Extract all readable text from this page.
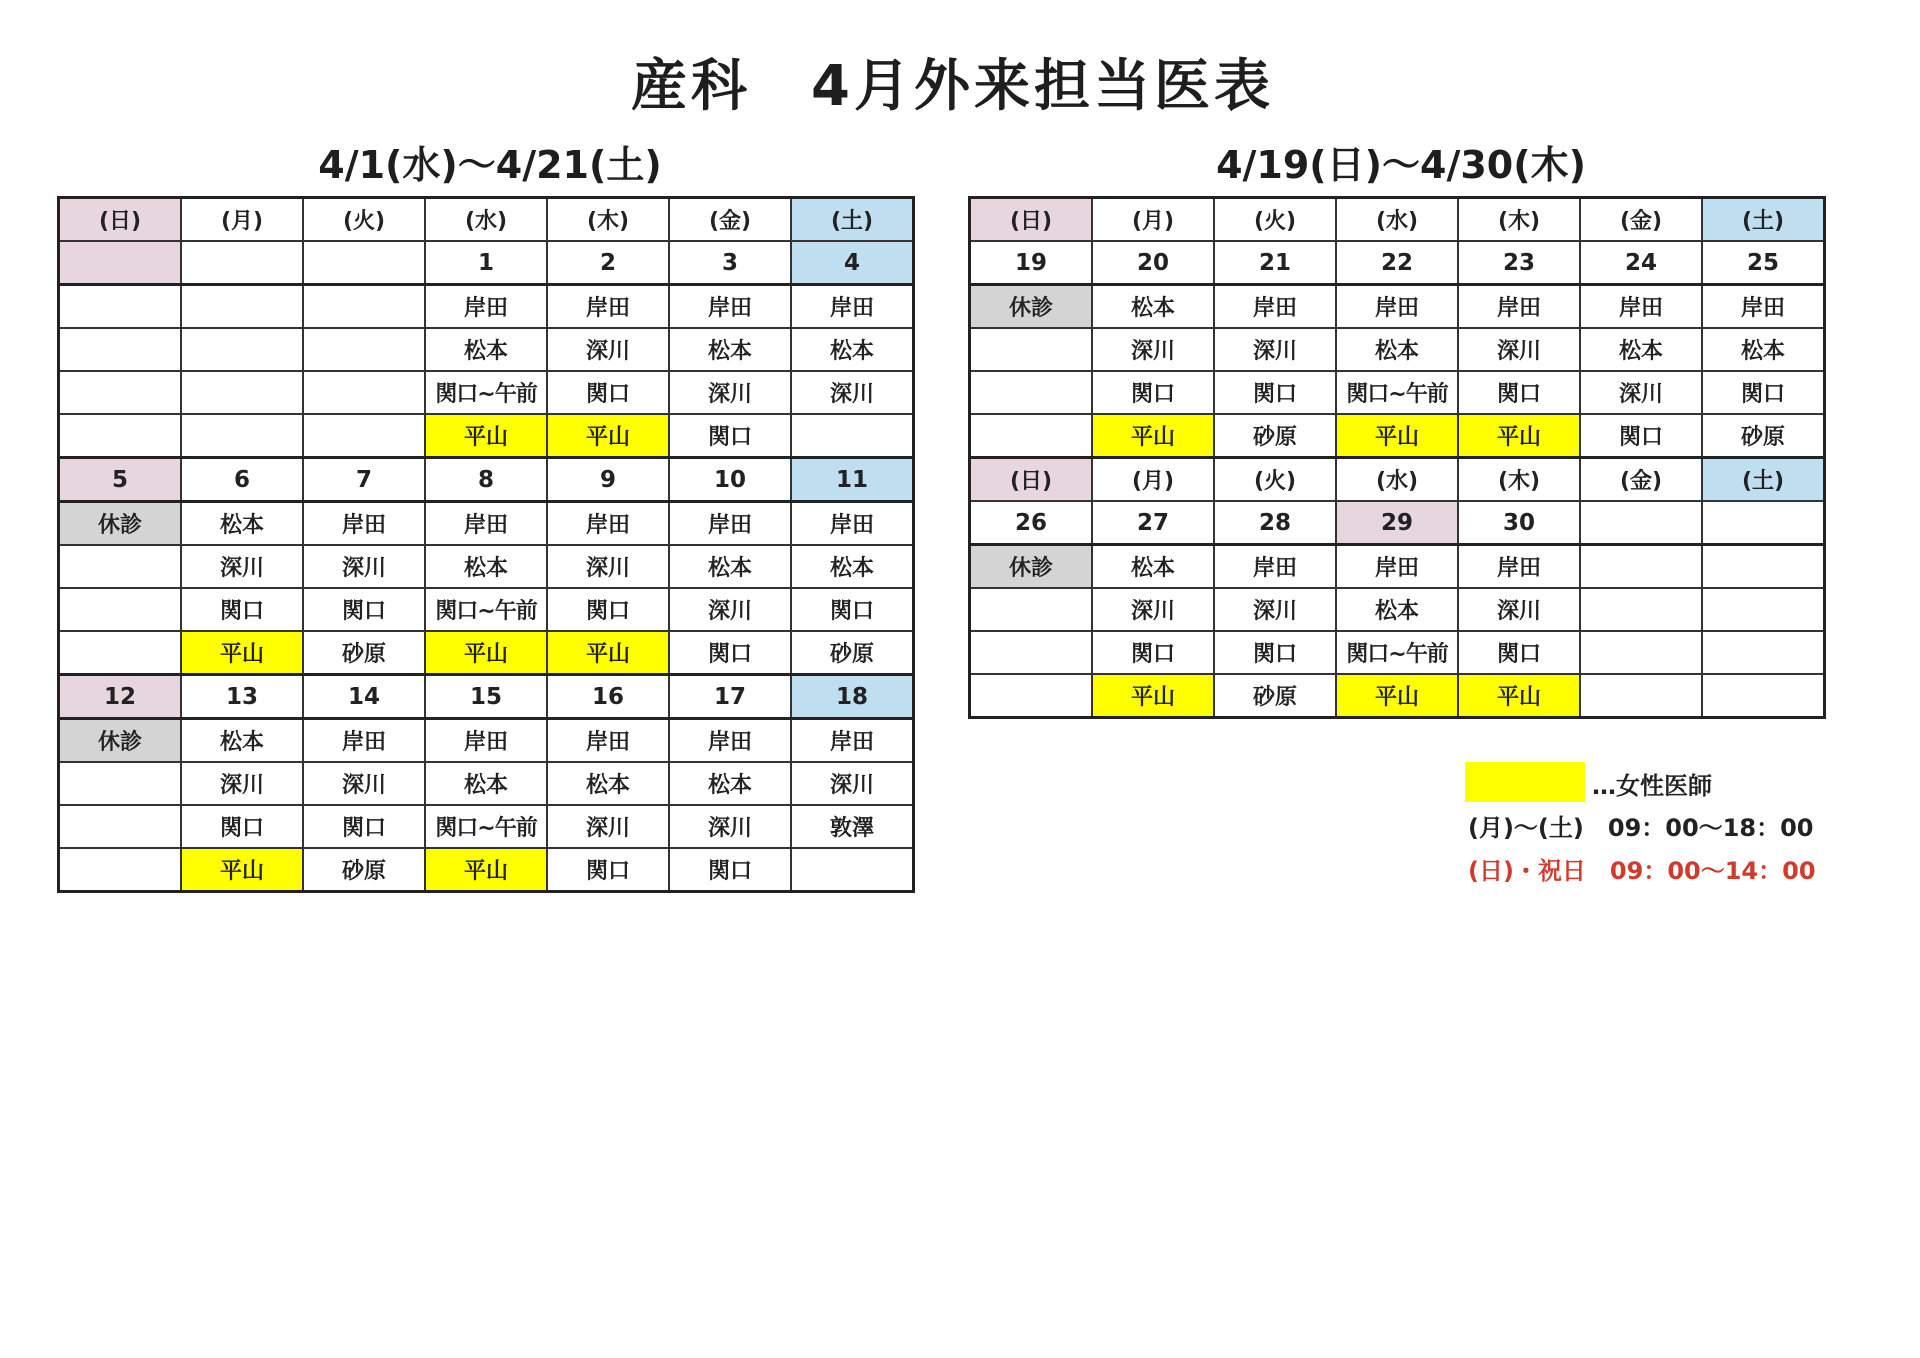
産科　4月外来担当医表
4/1(水)～4/21(土)	4/19(日)～4/30(木)
(日)	(月)	(火)	(水)	(木)	(金)	(土)
			1	2	3	4
			岸田	岸田	岸田	岸田
			松本	深川	松本	松本
			関口~午前	関口	深川	深川
			平山	平山	関口	
5	6	7	8	9	10	11
休診	松本	岸田	岸田	岸田	岸田	岸田
	深川	深川	松本	深川	松本	松本
	関口	関口	関口~午前	関口	深川	関口
	平山	砂原	平山	平山	関口	砂原
12	13	14	15	16	17	18
休診	松本	岸田	岸田	岸田	岸田	岸田
	深川	深川	松本	松本	松本	深川
	関口	関口	関口~午前	深川	深川	敦澤
	平山	砂原	平山	関口	関口	
(日)	(月)	(火)	(水)	(木)	(金)	(土)
19	20	21	22	23	24	25
休診	松本	岸田	岸田	岸田	岸田	岸田
	深川	深川	松本	深川	松本	松本
	関口	関口	関口~午前	関口	深川	関口
	平山	砂原	平山	平山	関口	砂原
(日)	(月)	(火)	(水)	(木)	(金)	(土)
26	27	28	29	30		
休診	松本	岸田	岸田	岸田		
	深川	深川	松本	深川		
	関口	関口	関口~午前	関口		
	平山	砂原	平山	平山		
…女性医師
(月)～(土)　09：00～18：00
(日)・祝日　09：00～14：00
